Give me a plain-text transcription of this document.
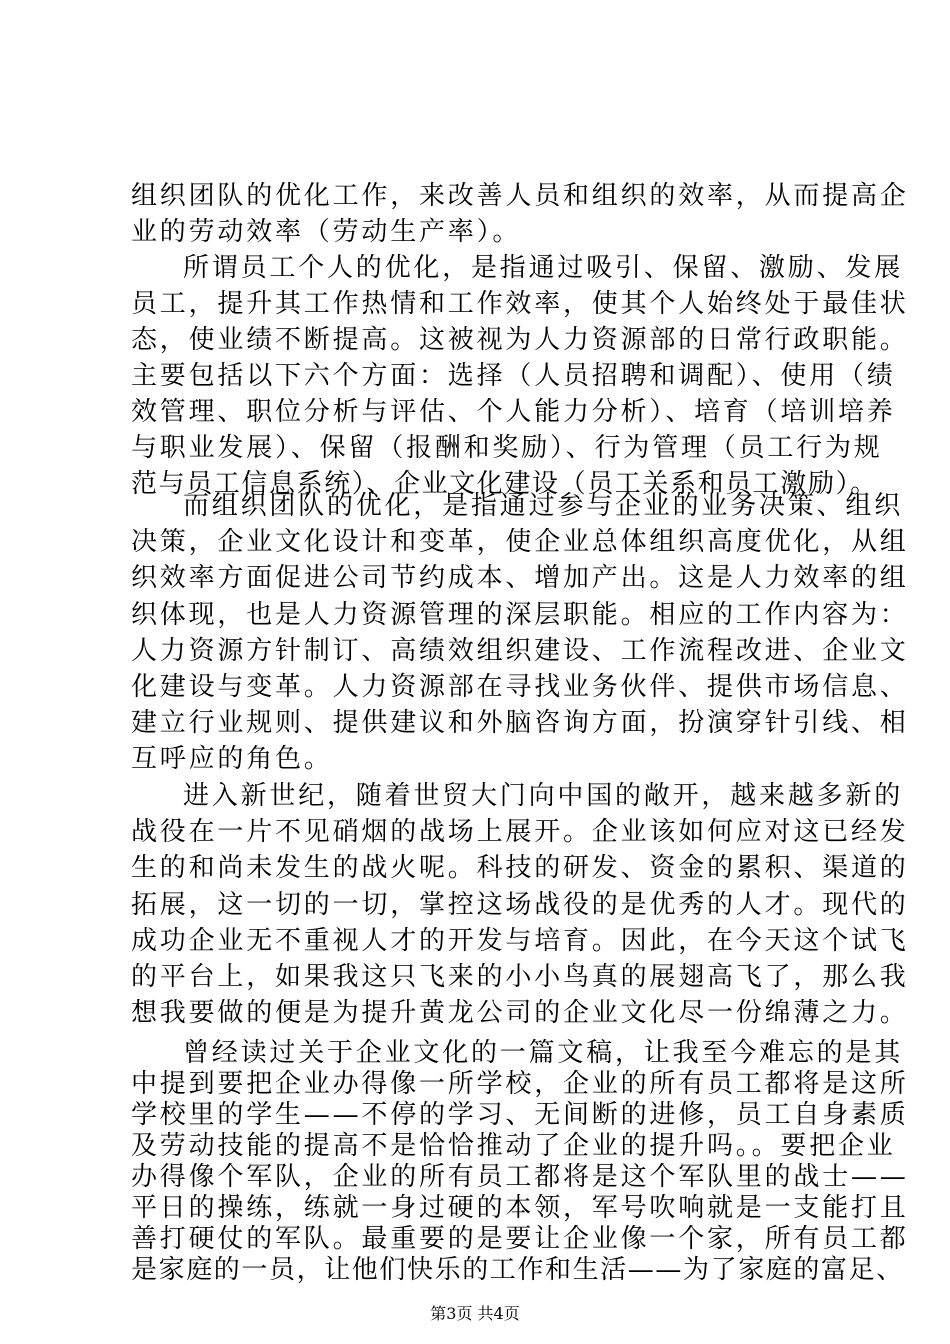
组织团队的优化工作，来改善人员和组织的效率，从而提高企
业的劳动效率（劳动生产率）。
所谓员工个人的优化，是指通过吸引、保留、激励、发展
员工，提升其工作热情和工作效率，使其个人始终处于最佳状
态，使业绩不断提高。这被视为人力资源部的日常行政职能。
主要包括以下六个方面：选择（人员招聘和调配）、使用（绩
效管理、职位分析与评估、个人能力分析）、培育（培训培养
与职业发展）、保留（报酬和奖励）、行为管理（员工行为规
范与员工信息系统）、企业文化建设（员工关系和员工激励）。
而组织团队的优化，是指通过参与企业的业务决策、组织
决策，企业文化设计和变革，使企业总体组织高度优化，从组
织效率方面促进公司节约成本、增加产出。这是人力效率的组
织体现，也是人力资源管理的深层职能。相应的工作内容为：
人力资源方针制订、高绩效组织建设、工作流程改进、企业文
化建设与变革。人力资源部在寻找业务伙伴、提供市场信息、
建立行业规则、提供建议和外脑咨询方面，扮演穿针引线、相
互呼应的角色。
进入新世纪，随着世贸大门向中国的敞开，越来越多新的
战役在一片不见硝烟的战场上展开。企业该如何应对这已经发
生的和尚未发生的战火呢。科技的研发、资金的累积、渠道的
拓展，这一切的一切，掌控这场战役的是优秀的人才。现代的
成功企业无不重视人才的开发与培育。因此，在今天这个试飞
的平台上，如果我这只飞来的小小鸟真的展翅高飞了，那么我
想我要做的便是为提升黄龙公司的企业文化尽一份绵薄之力。
曾经读过关于企业文化的一篇文稿，让我至今难忘的是其
中提到要把企业办得像一所学校，企业的所有员工都将是这所
学校里的学生——不停的学习、无间断的进修，员工自身素质
及劳动技能的提高不是恰恰推动了企业的提升吗。。要把企业
办得像个军队，企业的所有员工都将是这个军队里的战士——
平日的操练，练就一身过硬的本领，军号吹响就是一支能打且
善打硬仗的军队。最重要的是要让企业像一个家，所有员工都
第3页 共4页
是家庭的一员，让他们快乐的工作和生活——为了家庭的富足、
